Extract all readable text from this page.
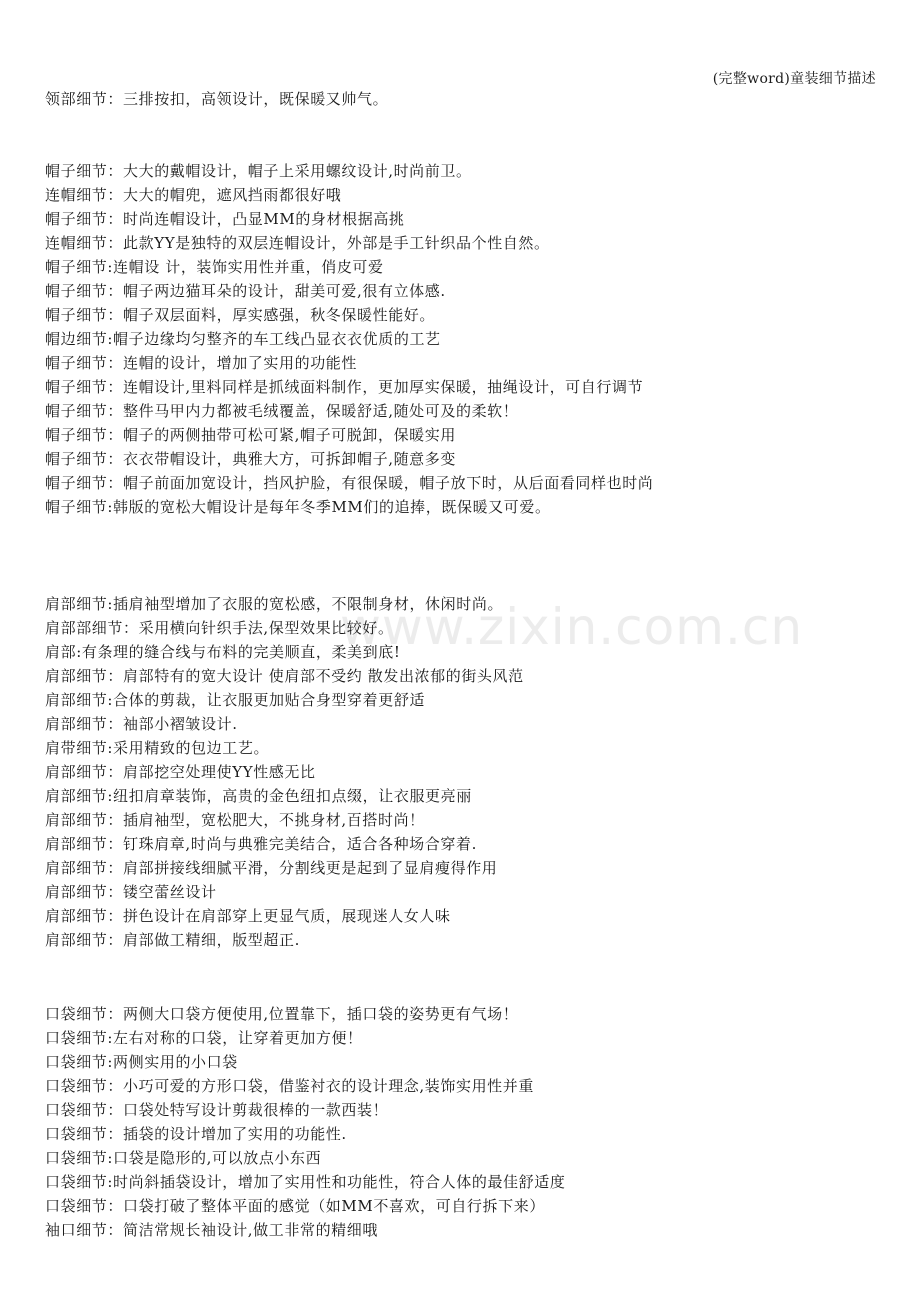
(完整word)童装细节描述
www.zixin.com.cn
领部细节：三排按扣，高领设计，既保暖又帅气。
帽子细节：大大的戴帽设计，帽子上采用螺纹设计,时尚前卫。
连帽细节：大大的帽兜，遮风挡雨都很好哦
帽子细节：时尚连帽设计，凸显MM的身材根据高挑
连帽细节：此款YY是独特的双层连帽设计，外部是手工针织品个性自然。
帽子细节:连帽设 计，装饰实用性并重，俏皮可爱
帽子细节：帽子两边猫耳朵的设计，甜美可爱,很有立体感.
帽子细节：帽子双层面料，厚实感强，秋冬保暖性能好。
帽边细节:帽子边缘均匀整齐的车工线凸显衣衣优质的工艺
帽子细节：连帽的设计，增加了实用的功能性
帽子细节：连帽设计,里料同样是抓绒面料制作，更加厚实保暖，抽绳设计，可自行调节
帽子细节：整件马甲内力都被毛绒覆盖，保暖舒适,随处可及的柔软！
帽子细节：帽子的两侧抽带可松可紧,帽子可脱卸，保暖实用
帽子细节：衣衣带帽设计，典雅大方，可拆卸帽子,随意多变
帽子细节：帽子前面加宽设计，挡风护脸，有很保暖，帽子放下时，从后面看同样也时尚
帽子细节:韩版的宽松大帽设计是每年冬季MM们的追捧，既保暖又可爱。
肩部细节:插肩袖型增加了衣服的宽松感，不限制身材，休闲时尚。
肩部部细节：采用横向针织手法,保型效果比较好。
肩部:有条理的缝合线与布料的完美顺直，柔美到底!
肩部细节：肩部特有的宽大设计 使肩部不受约 散发出浓郁的街头风范
肩部细节:合体的剪裁，让衣服更加贴合身型穿着更舒适
肩部细节：袖部小褶皱设计.
肩带细节:采用精致的包边工艺。
肩部细节：肩部挖空处理使YY性感无比
肩部细节:纽扣肩章装饰，高贵的金色纽扣点缀，让衣服更亮丽
肩部细节：插肩袖型，宽松肥大，不挑身材,百搭时尚！
肩部细节：钉珠肩章,时尚与典雅完美结合，适合各种场合穿着.
肩部细节：肩部拼接线细腻平滑，分割线更是起到了显肩瘦得作用
肩部细节：镂空蕾丝设计
肩部细节：拼色设计在肩部穿上更显气质，展现迷人女人味
肩部细节：肩部做工精细，版型超正.
口袋细节：两侧大口袋方便使用,位置靠下，插口袋的姿势更有气场！
口袋细节:左右对称的口袋，让穿着更加方便！
口袋细节:两侧实用的小口袋
口袋细节：小巧可爱的方形口袋，借鉴衬衣的设计理念,装饰实用性并重
口袋细节：口袋处特写设计剪裁很棒的一款西装！
口袋细节：插袋的设计增加了实用的功能性.
口袋细节:口袋是隐形的,可以放点小东西
口袋细节:时尚斜插袋设计，增加了实用性和功能性，符合人体的最佳舒适度
口袋细节：口袋打破了整体平面的感觉（如MM不喜欢，可自行拆下来）
袖口细节：简洁常规长袖设计,做工非常的精细哦
